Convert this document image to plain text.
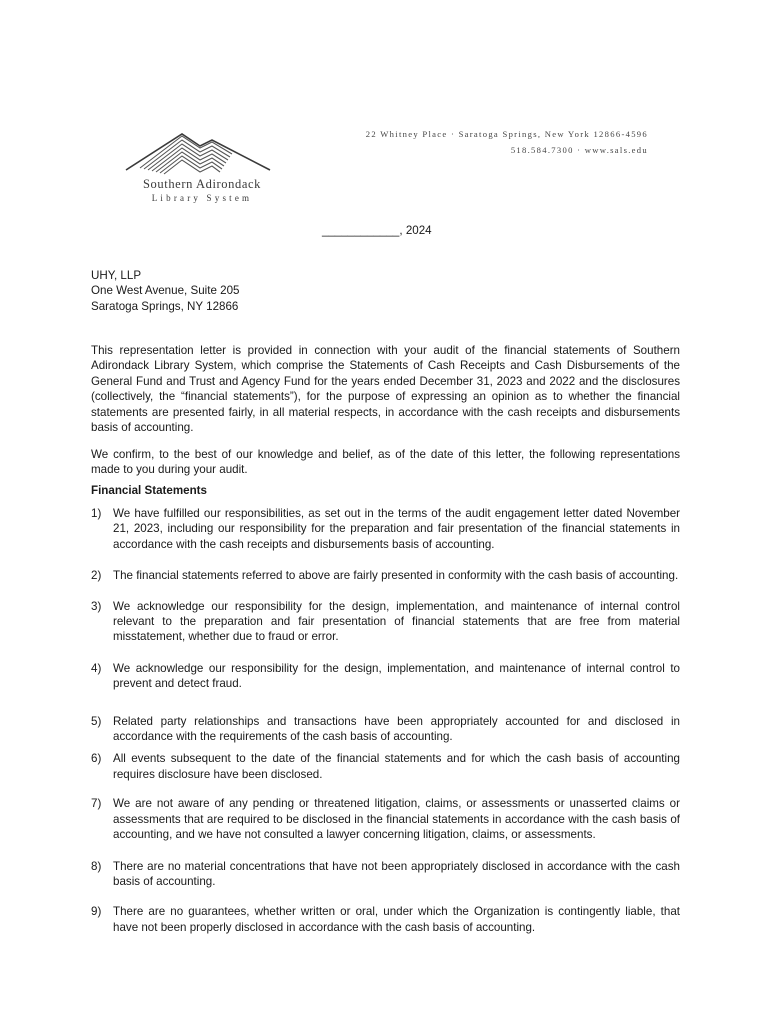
Southern Adirondack
Library System
22 Whitney Place · Saratoga Springs, New York 12866-4596
518.584.7300 · www.sals.edu
____________, 2024
UHY, LLP
One West Avenue, Suite 205
Saratoga Springs, NY 12866
This representation letter is provided in connection with your audit of the financial statements of Southern Adirondack Library System, which comprise the Statements of Cash Receipts and Cash Disbursements of the General Fund and Trust and Agency Fund for the years ended December 31, 2023 and 2022 and the disclosures (collectively, the “financial statements”), for the purpose of expressing an opinion as to whether the financial statements are presented fairly, in all material respects, in accordance with the cash receipts and disbursements basis of accounting.
We confirm, to the best of our knowledge and belief, as of the date of this letter, the following representations made to you during your audit.
Financial Statements
1) We have fulfilled our responsibilities, as set out in the terms of the audit engagement letter dated November 21, 2023, including our responsibility for the preparation and fair presentation of the financial statements in accordance with the cash receipts and disbursements basis of accounting.
2) The financial statements referred to above are fairly presented in conformity with the cash basis of accounting.
3) We acknowledge our responsibility for the design, implementation, and maintenance of internal control relevant to the preparation and fair presentation of financial statements that are free from material misstatement, whether due to fraud or error.
4) We acknowledge our responsibility for the design, implementation, and maintenance of internal control to prevent and detect fraud.
5) Related party relationships and transactions have been appropriately accounted for and disclosed in accordance with the requirements of the cash basis of accounting.
6) All events subsequent to the date of the financial statements and for which the cash basis of accounting requires disclosure have been disclosed.
7) We are not aware of any pending or threatened litigation, claims, or assessments or unasserted claims or assessments that are required to be disclosed in the financial statements in accordance with the cash basis of accounting, and we have not consulted a lawyer concerning litigation, claims, or assessments.
8) There are no material concentrations that have not been appropriately disclosed in accordance with the cash basis of accounting.
9) There are no guarantees, whether written or oral, under which the Organization is contingently liable, that have not been properly disclosed in accordance with the cash basis of accounting.
